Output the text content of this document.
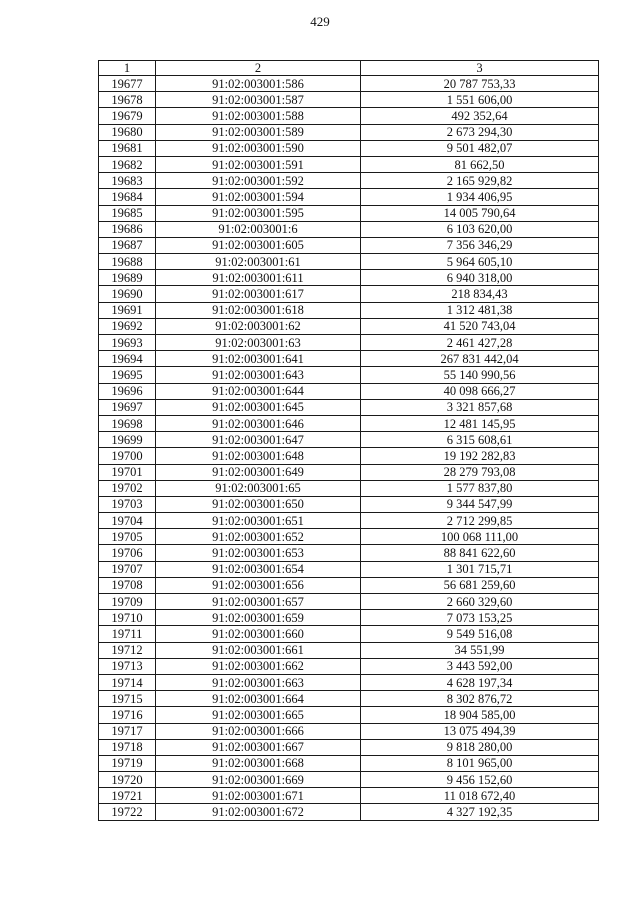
429
1	2	3
19677	91:02:003001:586	20 787 753,33
19678	91:02:003001:587	1 551 606,00
19679	91:02:003001:588	492 352,64
19680	91:02:003001:589	2 673 294,30
19681	91:02:003001:590	9 501 482,07
19682	91:02:003001:591	81 662,50
19683	91:02:003001:592	2 165 929,82
19684	91:02:003001:594	1 934 406,95
19685	91:02:003001:595	14 005 790,64
19686	91:02:003001:6	6 103 620,00
19687	91:02:003001:605	7 356 346,29
19688	91:02:003001:61	5 964 605,10
19689	91:02:003001:611	6 940 318,00
19690	91:02:003001:617	218 834,43
19691	91:02:003001:618	1 312 481,38
19692	91:02:003001:62	41 520 743,04
19693	91:02:003001:63	2 461 427,28
19694	91:02:003001:641	267 831 442,04
19695	91:02:003001:643	55 140 990,56
19696	91:02:003001:644	40 098 666,27
19697	91:02:003001:645	3 321 857,68
19698	91:02:003001:646	12 481 145,95
19699	91:02:003001:647	6 315 608,61
19700	91:02:003001:648	19 192 282,83
19701	91:02:003001:649	28 279 793,08
19702	91:02:003001:65	1 577 837,80
19703	91:02:003001:650	9 344 547,99
19704	91:02:003001:651	2 712 299,85
19705	91:02:003001:652	100 068 111,00
19706	91:02:003001:653	88 841 622,60
19707	91:02:003001:654	1 301 715,71
19708	91:02:003001:656	56 681 259,60
19709	91:02:003001:657	2 660 329,60
19710	91:02:003001:659	7 073 153,25
19711	91:02:003001:660	9 549 516,08
19712	91:02:003001:661	34 551,99
19713	91:02:003001:662	3 443 592,00
19714	91:02:003001:663	4 628 197,34
19715	91:02:003001:664	8 302 876,72
19716	91:02:003001:665	18 904 585,00
19717	91:02:003001:666	13 075 494,39
19718	91:02:003001:667	9 818 280,00
19719	91:02:003001:668	8 101 965,00
19720	91:02:003001:669	9 456 152,60
19721	91:02:003001:671	11 018 672,40
19722	91:02:003001:672	4 327 192,35
